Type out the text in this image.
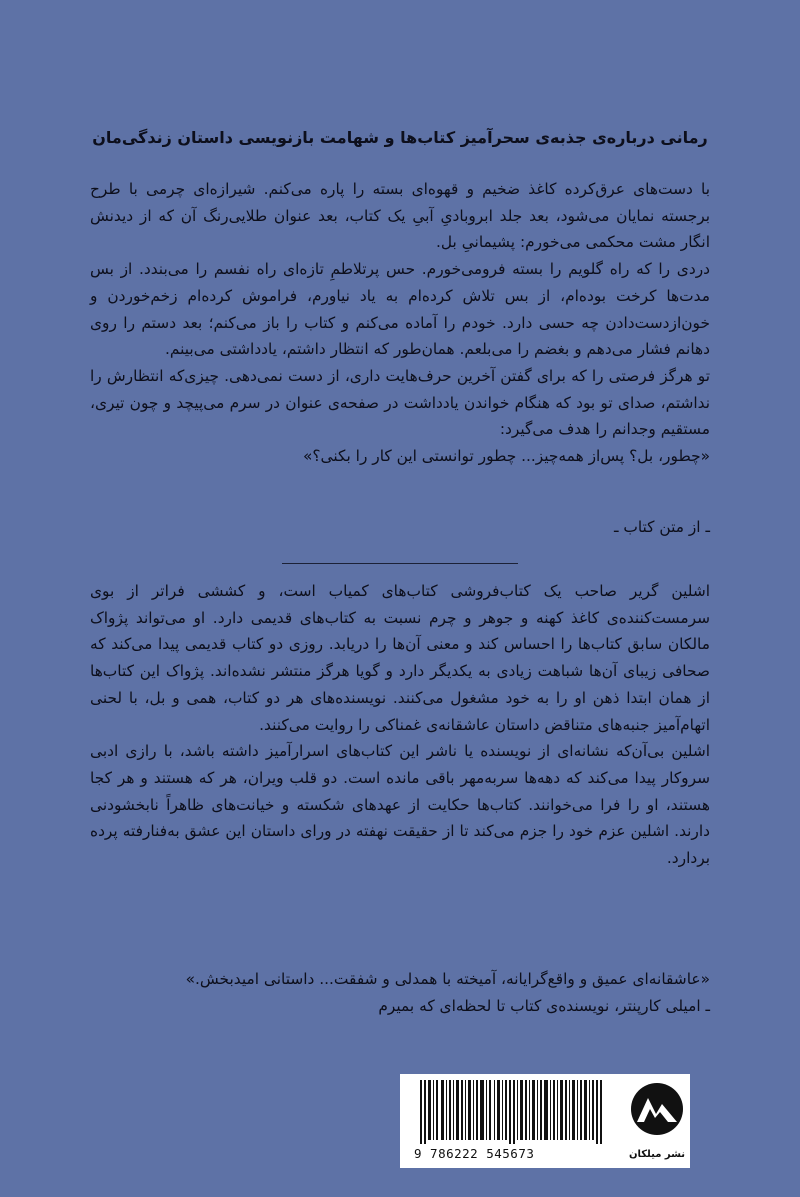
رمانی درباره‌ی جذبه‌ی سحرآمیز کتاب‌ها و شهامت بازنویسی داستان زندگی‌مان

با دست‌های عرق‌کرده کاغذ ضخیم و قهوه‌ای بسته را پاره می‌کنم. شیرازه‌ای چرمی با طرح برجسته نمایان می‌شود، بعد جلد ابروبادیِ آبیِ یک کتاب، بعد عنوان طلایی‌رنگ آن که از دیدنش انگار مشت محکمی می‌خورم: پشیمانیِ بل.

دردی را که راه گلویم را بسته فرومی‌خورم. حس پرتلاطمِ تازه‌ای راه نفسم را می‌بندد. از بس مدت‌ها کرخت بوده‌ام، از بس تلاش کرده‌ام به یاد نیاورم، فراموش کرده‌ام زخم‌خوردن و خون‌ازدست‌دادن چه حسی دارد. خودم را آماده می‌کنم و کتاب را باز می‌کنم؛ بعد دستم را روی دهانم فشار می‌دهم و بغضم را می‌بلعم. همان‌طور که انتظار داشتم، یادداشتی می‌بینم.

تو هرگز فرصتی را که برای گفتن آخرین حرف‌هایت داری، از دست نمی‌دهی. چیزی‌که انتظارش را نداشتم، صدای تو بود که هنگام خواندن یادداشت در صفحه‌ی عنوان در سرم می‌پیچد و چون تیری، مستقیم وجدانم را هدف می‌گیرد:

«چطور، بل؟ پس‌از همه‌چیز... چطور توانستی این کار را بکنی؟»

ـ از متن کتاب ـ

اشلین گریر صاحب یک کتاب‌فروشی کتاب‌های کمیاب است، و کششی فراتر از بوی سرمست‌کننده‌ی کاغذ کهنه و جوهر و چرم نسبت به کتاب‌های قدیمی دارد. او می‌تواند پژواک مالکان سابق کتاب‌ها را احساس کند و معنی آن‌ها را دریابد. روزی دو کتاب قدیمی پیدا می‌کند که صحافی زیبای آن‌ها شباهت زیادی به یکدیگر دارد و گویا هرگز منتشر نشده‌اند. پژواک این کتاب‌ها از همان ابتدا ذهن او را به خود مشغول می‌کنند. نویسنده‌های هر دو کتاب، همی و بل، با لحنی اتهام‌آمیز جنبه‌های متناقض داستان عاشقانه‌ی غمناکی را روایت می‌کنند.

اشلین بی‌آن‌که نشانه‌ای از نویسنده یا ناشر این کتاب‌های اسرارآمیز داشته باشد، با رازی ادبی سروکار پیدا می‌کند که دهه‌ها سربه‌مهر باقی مانده است. دو قلب ویران، هر که هستند و هر کجا هستند، او را فرا می‌خوانند. کتاب‌ها حکایت از عهدهای شکسته و خیانت‌های ظاهراً نابخشودنی دارند. اشلین عزم خود را جزم می‌کند تا از حقیقت نهفته در ورای داستان این عشق به‌فنارفته پرده بردارد.

«عاشقانه‌ای عمیق و واقع‌گرایانه، آمیخته با همدلی و شفقت... داستانی امیدبخش.»

ـ امیلی کارپنتر، نویسنده‌ی کتاب تا لحظه‌ای که بمیرم

9 786222 545673	نشر میلکان
